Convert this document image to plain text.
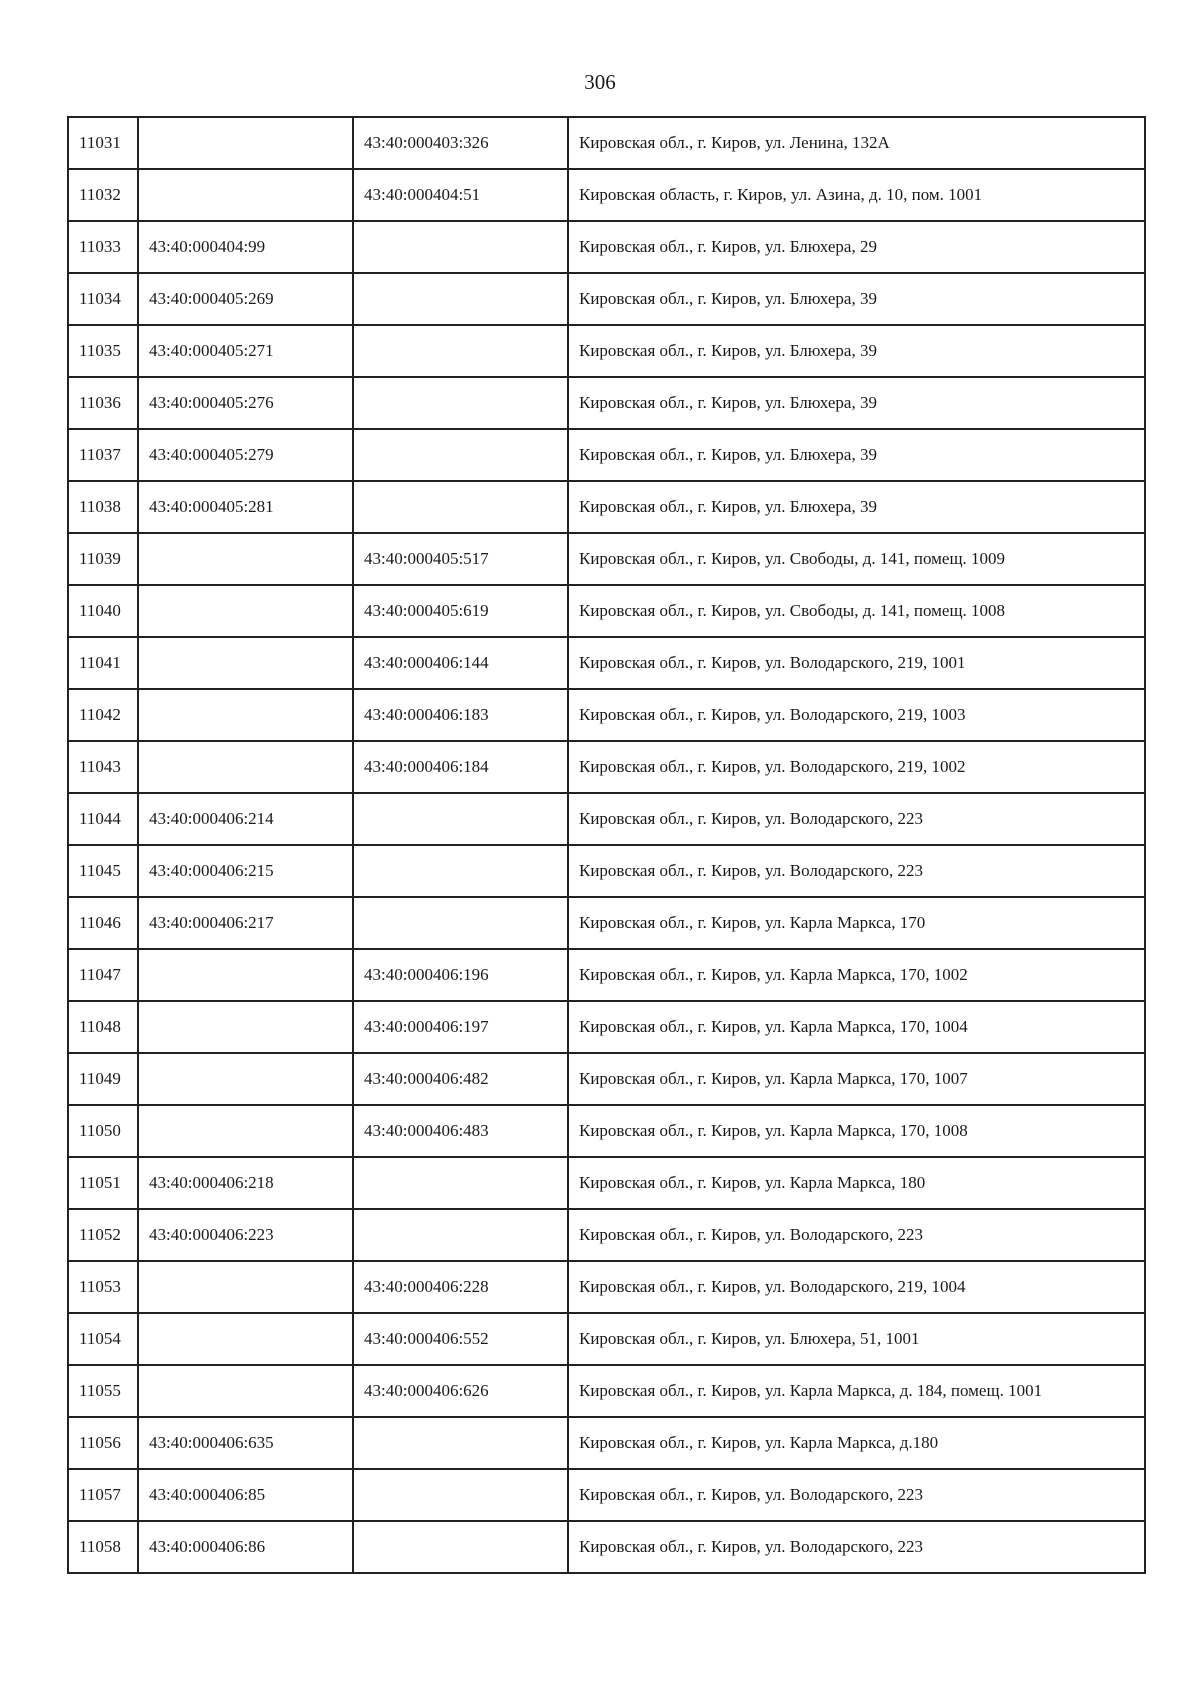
306
11031		43:40:000403:326	Кировская обл., г. Киров, ул. Ленина, 132А
11032		43:40:000404:51	Кировская область, г. Киров, ул. Азина, д. 10, пом. 1001
11033	43:40:000404:99		Кировская обл., г. Киров, ул. Блюхера, 29
11034	43:40:000405:269		Кировская обл., г. Киров, ул. Блюхера, 39
11035	43:40:000405:271		Кировская обл., г. Киров, ул. Блюхера, 39
11036	43:40:000405:276		Кировская обл., г. Киров, ул. Блюхера, 39
11037	43:40:000405:279		Кировская обл., г. Киров, ул. Блюхера, 39
11038	43:40:000405:281		Кировская обл., г. Киров, ул. Блюхера, 39
11039		43:40:000405:517	Кировская обл., г. Киров, ул. Свободы, д. 141, помещ. 1009
11040		43:40:000405:619	Кировская обл., г. Киров, ул. Свободы, д. 141, помещ. 1008
11041		43:40:000406:144	Кировская обл., г. Киров, ул. Володарского, 219, 1001
11042		43:40:000406:183	Кировская обл., г. Киров, ул. Володарского, 219, 1003
11043		43:40:000406:184	Кировская обл., г. Киров, ул. Володарского, 219, 1002
11044	43:40:000406:214		Кировская обл., г. Киров, ул. Володарского, 223
11045	43:40:000406:215		Кировская обл., г. Киров, ул. Володарского, 223
11046	43:40:000406:217		Кировская обл., г. Киров, ул. Карла Маркса, 170
11047		43:40:000406:196	Кировская обл., г. Киров, ул. Карла Маркса, 170, 1002
11048		43:40:000406:197	Кировская обл., г. Киров, ул. Карла Маркса, 170, 1004
11049		43:40:000406:482	Кировская обл., г. Киров, ул. Карла Маркса, 170, 1007
11050		43:40:000406:483	Кировская обл., г. Киров, ул. Карла Маркса, 170, 1008
11051	43:40:000406:218		Кировская обл., г. Киров, ул. Карла Маркса, 180
11052	43:40:000406:223		Кировская обл., г. Киров, ул. Володарского, 223
11053		43:40:000406:228	Кировская обл., г. Киров, ул. Володарского, 219, 1004
11054		43:40:000406:552	Кировская обл., г. Киров, ул. Блюхера, 51, 1001
11055		43:40:000406:626	Кировская обл., г. Киров, ул. Карла Маркса, д. 184, помещ. 1001
11056	43:40:000406:635		Кировская обл., г. Киров, ул. Карла Маркса, д.180
11057	43:40:000406:85		Кировская обл., г. Киров, ул. Володарского, 223
11058	43:40:000406:86		Кировская обл., г. Киров, ул. Володарского, 223
